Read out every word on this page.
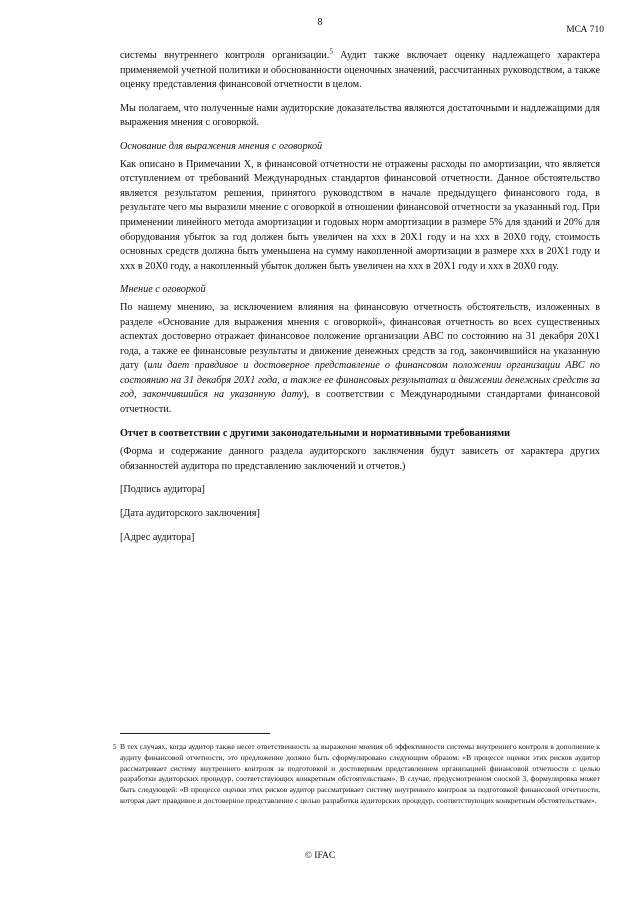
8
МСА 710

системы внутреннего контроля организации.$^5$ Аудит также включает оценку надлежащего характера применяемой учетной политики и обоснованности оценочных значений, рассчитанных руководством, а также оценку представления финансовой отчетности в целом.

Мы полагаем, что полученные нами аудиторские доказательства являются достаточными и надлежащими для выражения мнения с оговоркой.

Основание для выражения мнения с оговоркой

Как описано в Примечании X, в финансовой отчетности не отражены расходы по амортизации, что является отступлением от требований Международных стандартов финансовой отчетности. Данное обстоятельство является результатом решения, принятого руководством в начале предыдущего финансового года, в результате чего мы выразили мнение с оговоркой в отношении финансовой отчетности за указанный год. При применении линейного метода амортизации и годовых норм амортизации в размере 5% для зданий и 20% для оборудования убыток за год должен быть увеличен на xxx в 20X1 году и на xxx в 20X0 году, стоимость основных средств должна быть уменьшена на сумму накопленной амортизации в размере xxx в 20X1 году и xxx в 20X0 году, а накопленный убыток должен быть увеличен на xxx в 20X1 году и xxx в 20X0 году.

Мнение с оговоркой

По нашему мнению, за исключением влияния на финансовую отчетность обстоятельств, изложенных в разделе «Основание для выражения мнения с оговоркой», финансовая отчетность во всех существенных аспектах достоверно отражает финансовое положение организации ABC по состоянию на 31 декабря 20X1 года, а также ее финансовые результаты и движение денежных средств за год, закончившийся на указанную дату (или дает правдивое и достоверное представление о финансовом положении организации ABC по состоянию на 31 декабря 20X1 года, а также ее финансовых результатах и движении денежных средств за год, закончившийся на указанную дату), в соответствии с Международными стандартами финансовой отчетности.

Отчет в соответствии с другими законодательными и нормативными требованиями

(Форма и содержание данного раздела аудиторского заключения будут зависеть от характера других обязанностей аудитора по представлению заключений и отчетов.)

[Подпись аудитора]
[Дата аудиторского заключения]
[Адрес аудитора]
5 В тех случаях, когда аудитор также несет ответственность за выражение мнения об эффективности системы внутреннего контроля в дополнение к аудиту финансовой отчетности, это предложение должно быть сформулировано следующим образом: «В процессе оценки этих рисков аудитор рассматривает систему внутреннего контроля за подготовкой и достоверным представлением организацией финансовой отчетности с целью разработки аудиторских процедур, соответствующих конкретным обстоятельствам». В случае, предусмотренном сноской 3, формулировка может быть следующей: «В процессе оценки этих рисков аудитор рассматривает систему внутреннего контроля за подготовкой финансовой отчетности, которая дает правдивое и достоверное представление с целью разработки аудиторских процедур, соответствующих конкретным обстоятельствам».
© IFAC
